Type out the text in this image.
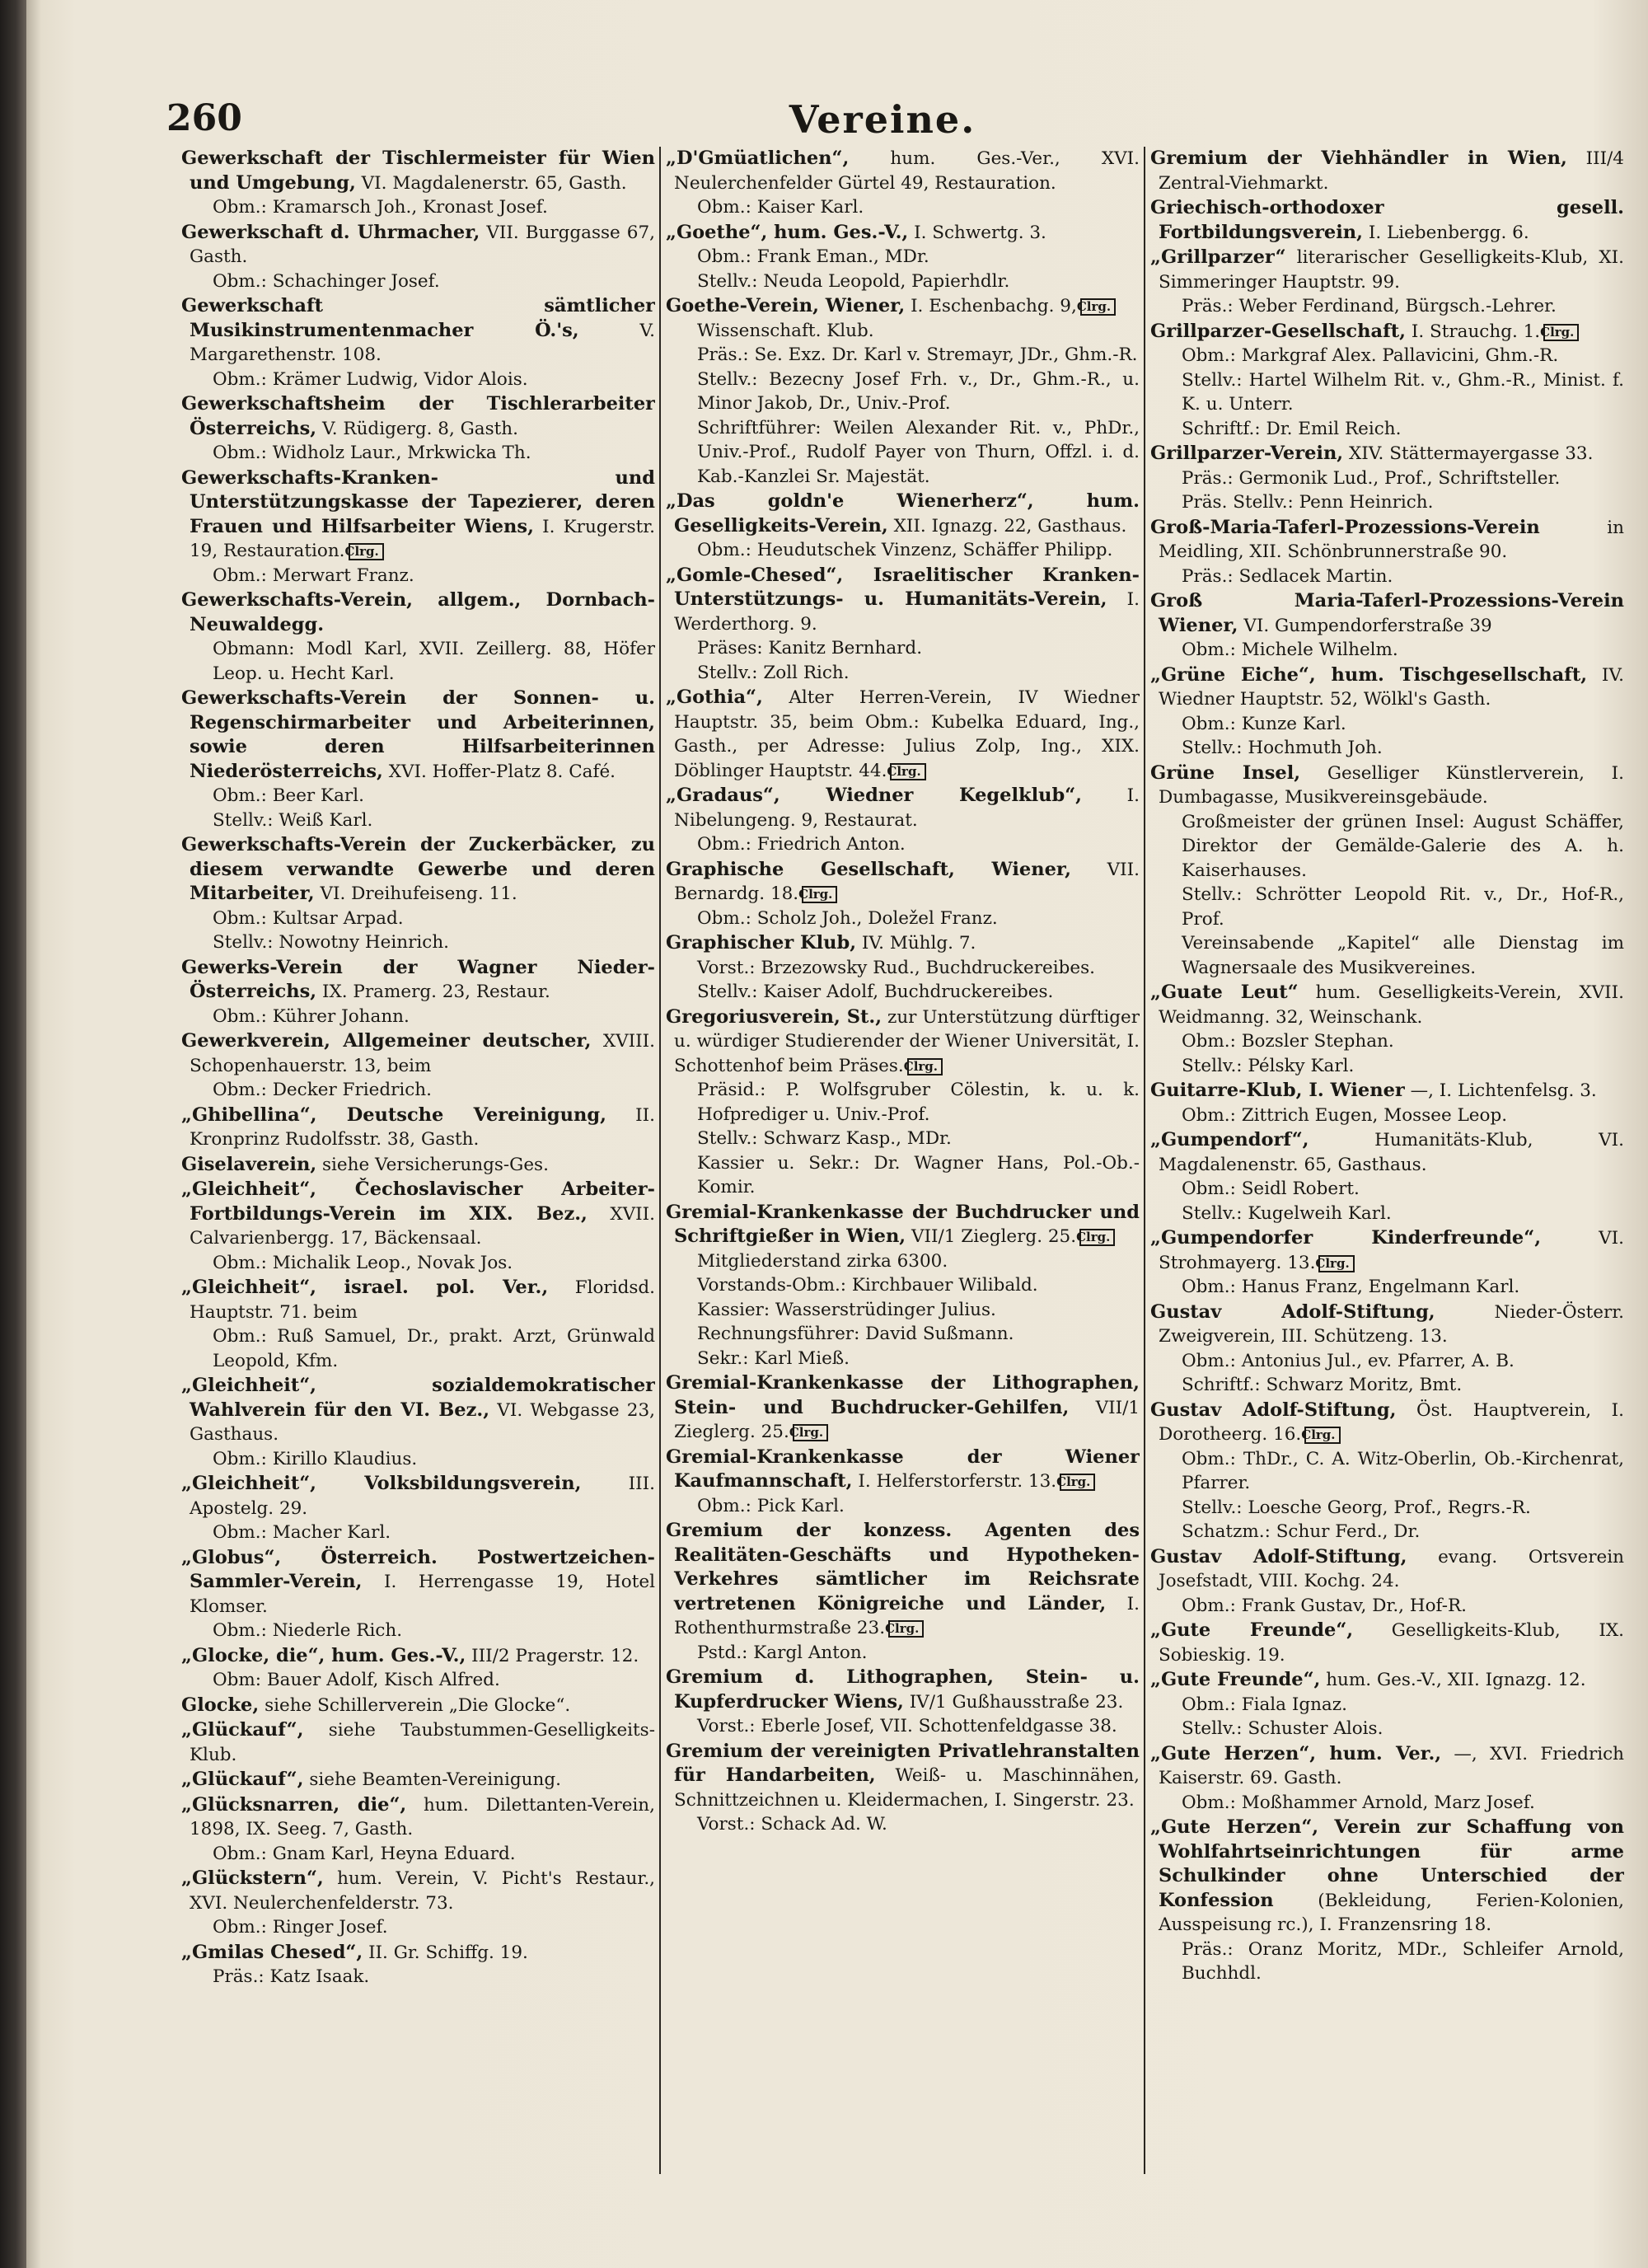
260	Vereine.
Gewerkschaft der Tischlermeister für Wien und Umgebung, VI. Magdalenerstr. 65, Gasth.
Obm.: Kramarsch Joh., Kronast Josef.
Gewerkschaft d. Uhrmacher, VII. Burggasse 67, Gasth.
Obm.: Schachinger Josef.
Gewerkschaft sämtlicher Musikinstrumentenmacher Ö.'s,	V. Margarethenstr. 108.
Obm.: Krämer Ludwig, Vidor Alois.
Gewerkschaftsheim der Tischlerarbeiter Österreichs, V. Rüdigerg. 8, Gasth.
Obm.: Widholz Laur., Mrkwicka Th.
Gewerkschafts-Kranken- und Unterstützungskasse der Tapezierer, deren Frauen und Hilfsarbeiter Wiens, I. Krugerstr. 19, Restauration.Clrg.
Obm.: Merwart Franz.
Gewerkschafts-Verein, allgem., Dornbach-Neuwaldegg.
Obmann: Modl Karl, XVII. Zeillerg. 88, Höfer Leop. u. Hecht Karl.
Gewerkschafts-Verein der Sonnen- u. Regenschirmarbeiter und Arbeiterinnen, sowie deren Hilfsarbeiterinnen Niederösterreichs, XVI. Hoffer-Platz 8. Café.
Obm.: Beer Karl.
Stellv.: Weiß Karl.
Gewerkschafts-Verein der Zuckerbäcker, zu diesem verwandte Gewerbe und deren Mitarbeiter, VI. Dreihufeiseng. 11.
Obm.: Kultsar Arpad.
Stellv.: Nowotny Heinrich.
Gewerks-Verein der Wagner Nieder-Österreichs, IX. Pramerg. 23, Restaur.
Obm.: Kührer Johann.
Gewerkverein, Allgemeiner deutscher, XVIII. Schopenhauerstr. 13, beim
Obm.: Decker Friedrich.
„Ghibellina“, Deutsche Vereinigung, II. Kronprinz Rudolfsstr. 38, Gasth.
Giselaverein, siehe Versicherungs-Ges.
„Gleichheit“, Čechoslavischer Arbeiter-Fortbildungs-Verein im XIX. Bez., XVII. Calvarienbergg. 17, Bäckensaal.
Obm.: Michalik Leop., Novak Jos.
„Gleichheit“, israel. pol. Ver., Floridsd. Hauptstr. 71. beim
Obm.: Ruß Samuel, Dr., prakt. Arzt, Grünwald Leopold, Kfm.
„Gleichheit“, sozialdemokratischer Wahlverein für den VI. Bez., VI. Webgasse 23, Gasthaus.
Obm.: Kirillo Klaudius.
„Gleichheit“, Volksbildungsverein,	III. Apostelg. 29.
Obm.: Macher Karl.
„Globus“, Österreich. Postwertzeichen-Sammler-Verein, I. Herrengasse 19, Hotel Klomser.
Obm.: Niederle Rich.
„Glocke, die“, hum. Ges.-V., III/2 Pragerstr. 12.
Obm: Bauer Adolf, Kisch Alfred.
Glocke, siehe Schillerverein „Die Glocke“.
„Glückauf“, siehe Taubstummen-Geselligkeits-Klub.
„Glückauf“, siehe Beamten-Vereinigung.
„Glücksnarren, die“, hum. Dilettanten-Verein, 1898, IX. Seeg. 7, Gasth.
Obm.: Gnam Karl, Heyna Eduard.
„Glückstern“, hum. Verein, V. Picht's Restaur., XVI. Neulerchenfelderstr. 73.
Obm.: Ringer Josef.
„Gmilas Chesed“, II. Gr. Schiffg. 19.
Präs.: Katz Isaak.
„D'Gmüatlichen“, hum. Ges.-Ver., XVI. Neulerchenfelder Gürtel 49, Restauration.
Obm.: Kaiser Karl.
„Goethe“, hum. Ges.-V., I. Schwertg. 3.
Obm.: Frank Eman., MDr.
Stellv.: Neuda Leopold, Papierhdlr.
Goethe-Verein, Wiener, I. Eschenbachg. 9,Clrg.
Wissenschaft. Klub.
Präs.: Se. Exz. Dr. Karl v. Stremayr, JDr., Ghm.-R.
Stellv.: Bezecny Josef Frh. v., Dr., Ghm.-R., u. Minor Jakob, Dr., Univ.-Prof.
Schriftführer: Weilen Alexander Rit. v., PhDr., Univ.-Prof., Rudolf Payer von Thurn, Offzl. i. d. Kab.-Kanzlei Sr. Majestät.
„Das goldn'e Wienerherz“, hum. Geselligkeits-Verein, XII. Ignazg. 22, Gasthaus.
Obm.: Heudutschek Vinzenz, Schäffer Philipp.
„Gomle-Chesed“, Israelitischer Kranken-Unterstützungs- u. Humanitäts-Verein, I. Werderthorg. 9.
Präses: Kanitz Bernhard.
Stellv.: Zoll Rich.
„Gothia“, Alter Herren-Verein, IV Wiedner Hauptstr. 35, beim Obm.: Kubelka Eduard, Ing., Gasth., per Adresse: Julius Zolp, Ing., XIX. Döblinger Hauptstr. 44.Clrg.
„Gradaus“, Wiedner Kegelklub“,	I. Nibelungeng. 9, Restaurat.
Obm.: Friedrich Anton.
Graphische Gesellschaft, Wiener, VII. Bernardg. 18.Clrg.
Obm.: Scholz Joh., Doležel Franz.
Graphischer Klub, IV. Mühlg. 7.
Vorst.: Brzezowsky Rud., Buchdruckereibes.
Stellv.: Kaiser Adolf, Buchdruckereibes.
Gregoriusverein, St., zur Unterstützung dürftiger u. würdiger Studierender der Wiener Universität, I. Schottenhof beim Präses.Clrg.
Präsid.: P. Wolfsgruber Cölestin, k. u. k. Hofprediger u. Univ.-Prof.
Stellv.: Schwarz Kasp., MDr.
Kassier u. Sekr.: Dr. Wagner Hans, Pol.-Ob.-Komir.
Gremial-Krankenkasse der Buchdrucker und Schriftgießer in Wien, VII/1 Zieglerg. 25.Clrg.
Mitgliederstand zirka 6300.
Vorstands-Obm.: Kirchbauer Wilibald.
Kassier: Wasserstrüdinger Julius.
Rechnungsführer: David Sußmann.
Sekr.: Karl Mieß.
Gremial-Krankenkasse der Lithographen, Stein- und Buchdrucker-Gehilfen, VII/1 Zieglerg. 25.Clrg.
Gremial-Krankenkasse der Wiener Kaufmannschaft, I. Helferstorferstr. 13.Clrg.
Obm.: Pick Karl.
Gremium der konzess. Agenten des Realitäten-Geschäfts und Hypotheken-Verkehres sämtlicher im Reichsrate vertretenen Königreiche und Länder, I. Rothenthurmstraße 23.Clrg.
Pstd.: Kargl Anton.
Gremium d. Lithographen, Stein- u. Kupferdrucker Wiens, IV/1 Gußhausstraße 23.
Vorst.: Eberle Josef, VII. Schottenfeldgasse 38.
Gremium der vereinigten Privatlehranstalten für Handarbeiten, Weiß- u. Maschinnähen, Schnittzeichnen u. Kleidermachen, I. Singerstr. 23.
Vorst.: Schack Ad. W.
Gremium der Viehhändler in Wien, III/4 Zentral-Viehmarkt.
Griechisch-orthodoxer gesell. Fortbildungsverein, I. Liebenbergg. 6.
„Grillparzer“ literarischer Geselligkeits-Klub, XI. Simmeringer Hauptstr. 99.
Präs.: Weber Ferdinand, Bürgsch.-Lehrer.
Grillparzer-Gesellschaft, I. Strauchg. 1.Clrg.
Obm.: Markgraf Alex. Pallavicini, Ghm.-R.
Stellv.: Hartel Wilhelm Rit. v., Ghm.-R., Minist. f. K. u. Unterr.
Schriftf.: Dr. Emil Reich.
Grillparzer-Verein, XIV. Stättermayergasse 33.
Präs.: Germonik Lud., Prof., Schriftsteller.
Präs. Stellv.: Penn Heinrich.
Groß-Maria-Taferl-Prozessions-Verein	in Meidling, XII. Schönbrunnerstraße 90.
Präs.: Sedlacek Martin.
Groß Maria-Taferl-Prozessions-Verein Wiener, VI. Gumpendorferstraße 39
Obm.: Michele Wilhelm.
„Grüne Eiche“, hum. Tischgesellschaft, IV. Wiedner Hauptstr. 52, Wölkl's Gasth.
Obm.: Kunze Karl.
Stellv.: Hochmuth Joh.
Grüne Insel, Geselliger Künstlerverein, I. Dumbagasse, Musikvereinsgebäude.
Großmeister der grünen Insel: August Schäffer, Direktor der Gemälde-Galerie des A. h. Kaiserhauses.
Stellv.: Schrötter Leopold Rit. v., Dr., Hof-R., Prof.
Vereinsabende „Kapitel“ alle Dienstag im Wagnersaale des Musikvereines.
„Guate Leut“ hum. Geselligkeits-Verein, XVII. Weidmanng. 32, Weinschank.
Obm.: Bozsler Stephan.
Stellv.: Pélsky Karl.
Guitarre-Klub, I. Wiener —, I. Lichtenfelsg. 3.
Obm.: Zittrich Eugen, Mossee Leop.
„Gumpendorf“,	Humanitäts-Klub, VI. Magdalenenstr. 65, Gasthaus.
Obm.: Seidl Robert.
Stellv.: Kugelweih Karl.
„Gumpendorfer Kinderfreunde“,	VI. Strohmayerg. 13.Clrg.
Obm.: Hanus Franz, Engelmann Karl.
Gustav Adolf-Stiftung,	Nieder-Österr. Zweigverein, III. Schützeng. 13.
Obm.: Antonius Jul., ev. Pfarrer, A. B.
Schriftf.: Schwarz Moritz, Bmt.
Gustav Adolf-Stiftung, Öst. Hauptverein, I. Dorotheerg. 16.Clrg.
Obm.: ThDr., C. A. Witz-Oberlin, Ob.-Kirchenrat, Pfarrer.
Stellv.: Loesche Georg, Prof., Regrs.-R.
Schatzm.: Schur Ferd., Dr.
Gustav Adolf-Stiftung, evang. Ortsverein Josefstadt, VIII. Kochg. 24.
Obm.: Frank Gustav, Dr., Hof-R.
„Gute Freunde“, Geselligkeits-Klub, IX. Sobieskig. 19.
„Gute Freunde“, hum. Ges.-V., XII. Ignazg. 12.
Obm.: Fiala Ignaz.
Stellv.: Schuster Alois.
„Gute Herzen“, hum. Ver., —, XVI. Friedrich Kaiserstr. 69. Gasth.
Obm.: Moßhammer Arnold, Marz Josef.
„Gute Herzen“, Verein zur Schaffung von Wohlfahrtseinrichtungen für arme Schulkinder ohne Unterschied der Konfession (Bekleidung, Ferien-Kolonien, Ausspeisung rc.), I. Franzensring 18.
Präs.: Oranz Moritz, MDr., Schleifer Arnold, Buchhdl.
